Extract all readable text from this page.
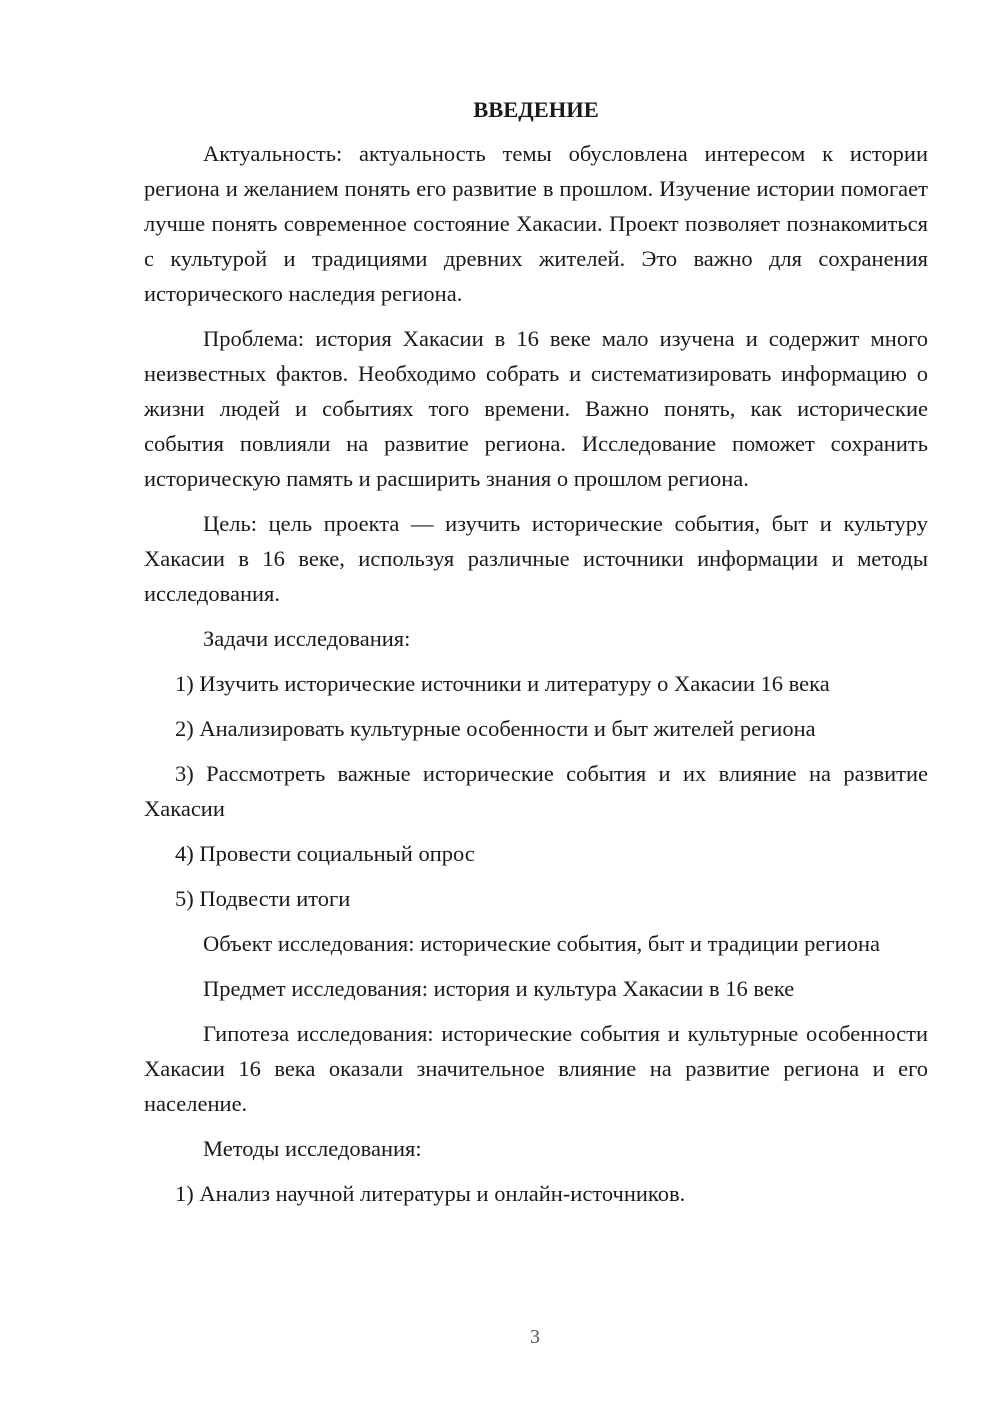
ВВЕДЕНИЕ

Актуальность: актуальность темы обусловлена интересом к истории региона и желанием понять его развитие в прошлом. Изучение истории помогает лучше понять современное состояние Хакасии. Проект позволяет познакомиться с культурой и традициями древних жителей. Это важно для сохранения исторического наследия региона.

Проблема: история Хакасии в 16 веке мало изучена и содержит много неизвестных фактов. Необходимо собрать и систематизировать информацию о жизни людей и событиях того времени. Важно понять, как исторические события повлияли на развитие региона. Исследование поможет сохранить историческую память и расширить знания о прошлом региона.

Цель: цель проекта — изучить исторические события, быт и культуру Хакасии в 16 веке, используя различные источники информации и методы исследования.

Задачи исследования:

1) Изучить исторические источники и литературу о Хакасии 16 века

2) Анализировать культурные особенности и быт жителей региона

3) Рассмотреть важные исторические события и их влияние на развитие Хакасии

4) Провести социальный опрос

5) Подвести итоги

Объект исследования: исторические события, быт и традиции региона

Предмет исследования: история и культура Хакасии в 16 веке

Гипотеза исследования: исторические события и культурные особенности Хакасии 16 века оказали значительное влияние на развитие региона и его население.

Методы исследования:

1) Анализ научной литературы и онлайн-источников.

3
